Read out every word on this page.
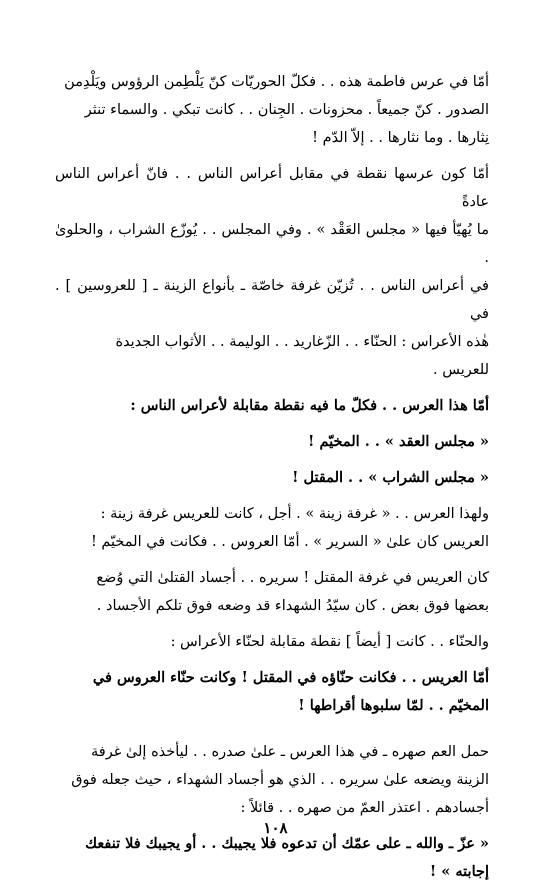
أمّا في عرس فاطمة هذه . . فكلّ الحوريّات كنّ يَلْطِمن الرؤوس ويَلْدِمن
الصدور . كنّ جميعاً . محزونات . الجِنان . . كانت تبكي . والسماء تنثر
نِثارها . وما نثارها . . إلاّ الدّم !

أمّا كون عرسها نقطة في مقابل أعراس الناس . . فانّ أعراس الناس عادةً
ما يُهيّأ فيها « مجلس العَقْد » . وفي المجلس . . يُوزّع الشراب ، والحلوىٰ .
في أعراس الناس . . تُزيّن غرفة خاصّة ـ بأنواع الزينة ـ [ للعروسين ] . في
هٰذه الأعراس : الحنّاء . . الزّغاريد . . الوليمة . . الأثواب الجديدة
للعريس .

أمّا هذا العرس . . فكلّ ما فيه نقطة مقابلة لأعراس الناس :

« مجلس العقد » . . المخيّم !

« مجلس الشراب » . . المقتل !

ولهذا العرس . . « غرفة زينة » . أجل ، كانت للعريس غرفة زينة :
العريس كان علىٰ « السرير » . أمّا العروس . . فكانت في المخيّم !

كان العريس في غرفة المقتل ! سريره . . أجساد القتلىٰ التي وُضع
بعضها فوق بعض . كان سيّدُ الشهداء قد وضعه فوق تلكم الأجساد .

والحنّاء . . كانت [ أيضاً ] نقطة مقابلة لحنّاء الأعراس :

أمّا العريس . . فكانت حنّاؤه في المقتل ! وكانت حنّاء العروس في
المخيّم . . لمّا سلبوها أقراطها !

حمل العم صهره ـ في هذا العرس ـ علىٰ صدره . . ليأخذه إلىٰ غرفة
الزينة ويضعه علىٰ سريره . . الذي هو أجساد الشهداء ، حيث جعله فوق
أجسادهم . اعتذر العمّ من صهره . . قائلاً :

« عزّ ـ والله ـ على عمّك أن تدعوه فلا يجيبك . . أو يجيبك فلا تنفعك
إجابته » !

١٠٨
